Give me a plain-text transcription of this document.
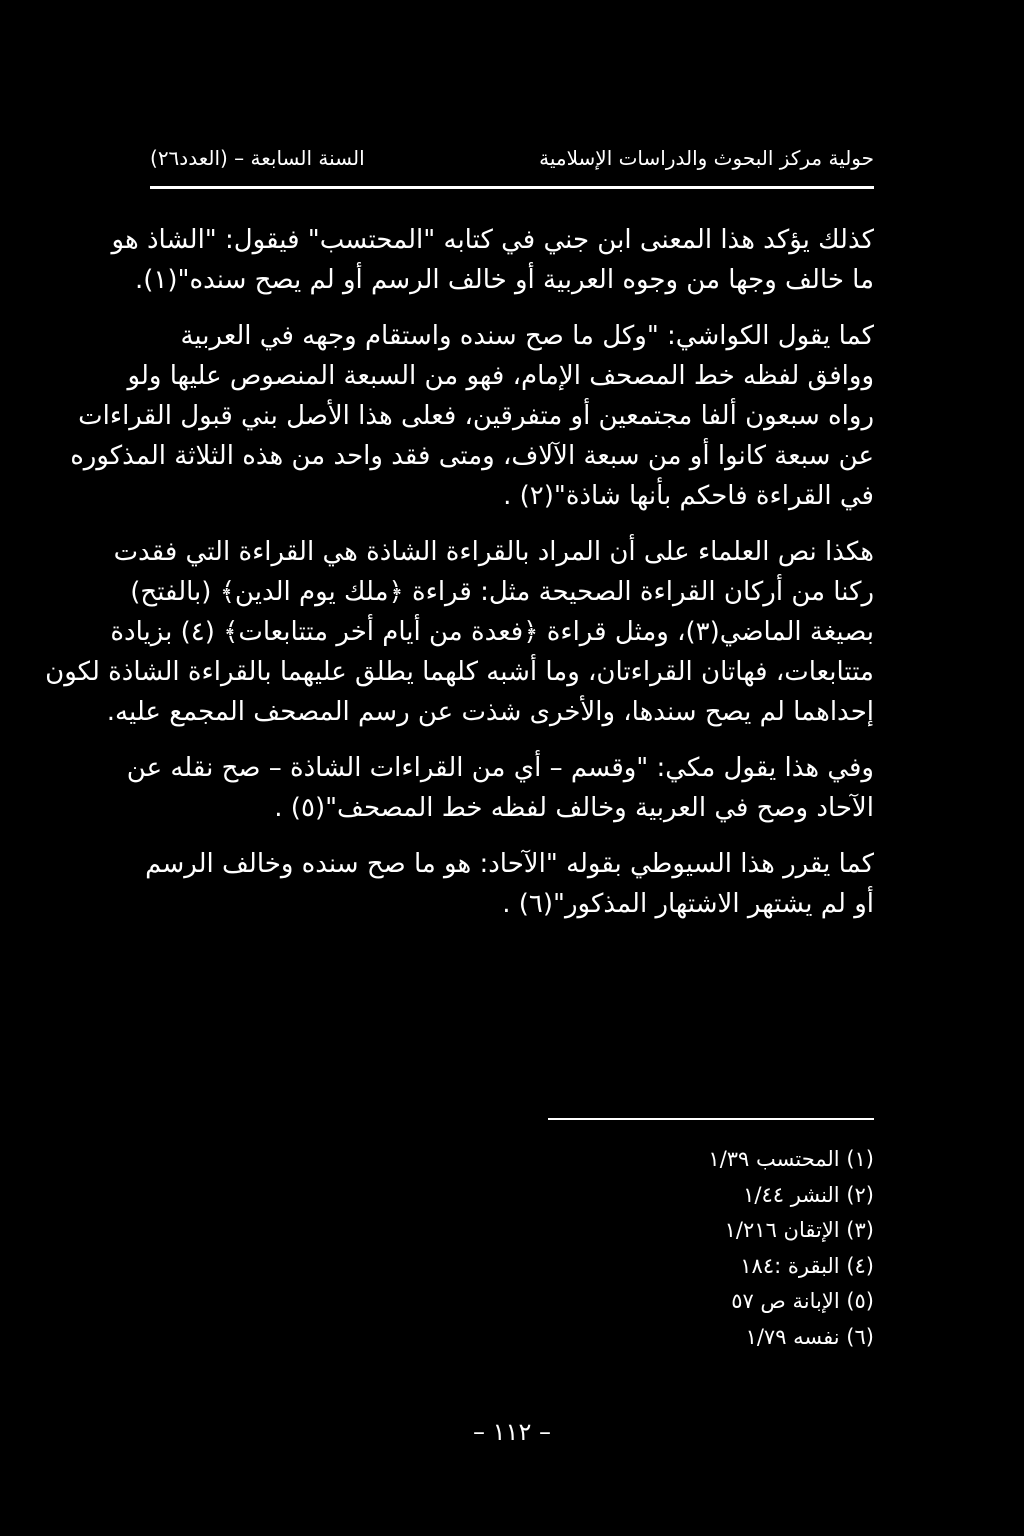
السنة السابعة – (العدد٢٦)	حولية مركز البحوث والدراسات الإسلامية

كذلك يؤكد هذا المعنى ابن جني في كتابه "المحتسب" فيقول: "الشاذ هو
ما خالف وجها من وجوه العربية أو خالف الرسم أو لم يصح سنده"(١).

كما يقول الكواشي: "وكل ما صح سنده واستقام وجهه في العربية
ووافق لفظه خط المصحف الإمام، فهو من السبعة المنصوص عليها ولو
رواه سبعون ألفا مجتمعين أو متفرقين، فعلى هذا الأصل بني قبول القراءات
عن سبعة كانوا أو من سبعة الآلاف، ومتى فقد واحد من هذه الثلاثة المذكوره
في القراءة فاحكم بأنها شاذة"(٢) .

هكذا نص العلماء على أن المراد بالقراءة الشاذة هي القراءة التي فقدت
ركنا من أركان القراءة الصحيحة مثل: قراءة ﴿ملك يوم الدين﴾ (بالفتح)
بصيغة الماضي(٣)، ومثل قراءة ﴿فعدة من أيام أخر متتابعات﴾ (٤) بزيادة
متتابعات، فهاتان القراءتان، وما أشبه كلهما يطلق عليهما بالقراءة الشاذة لكون
إحداهما لم يصح سندها، والأخرى شذت عن رسم المصحف المجمع عليه.

وفي هذا يقول مكي: "وقسم – أي من القراءات الشاذة – صح نقله عن
الآحاد وصح في العربية وخالف لفظه خط المصحف"(٥) .

كما يقرر هذا السيوطي بقوله "الآحاد: هو ما صح سنده وخالف الرسم
أو لم يشتهر الاشتهار المذكور"(٦) .

(١) المحتسب ١/٣٩
(٢) النشر ١/٤٤
(٣) الإتقان ١/٢١٦
(٤) البقرة :١٨٤
(٥) الإبانة ص ٥٧
(٦) نفسه ١/٧٩
– ١١٢ –
